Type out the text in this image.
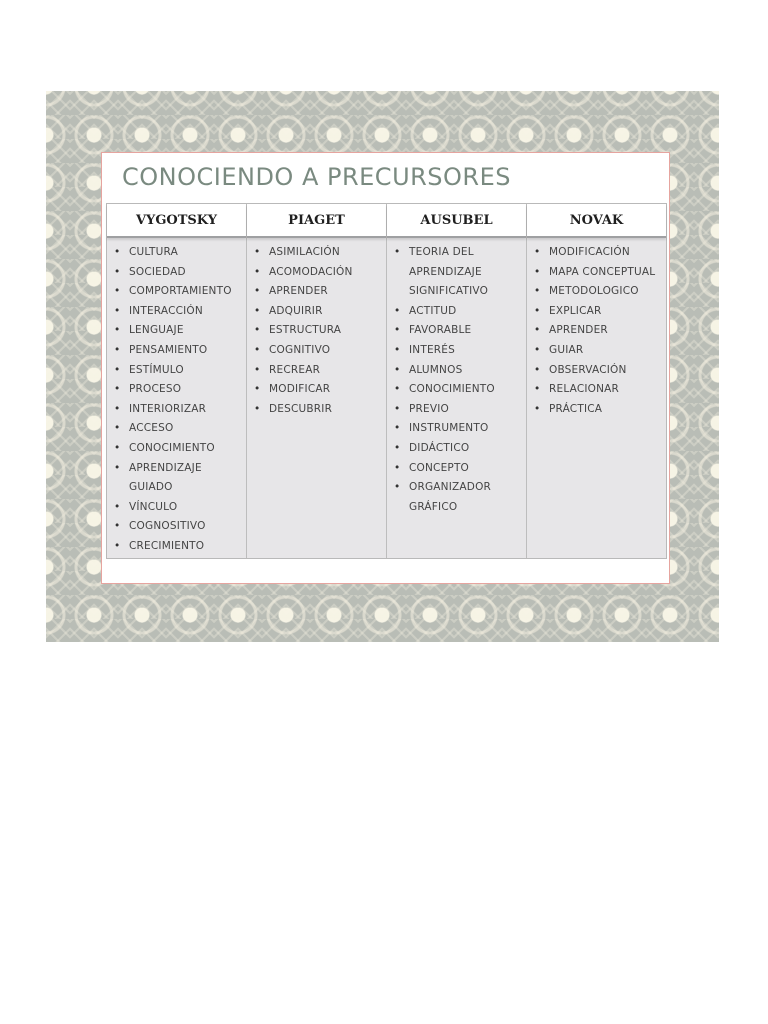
CONOCIENDO A PRECURSORES
VYGOTSKY
• CULTURA
• SOCIEDAD
• COMPORTAMIENTO
• INTERACCIÓN
• LENGUAJE
• PENSAMIENTO
• ESTÍMULO
• PROCESO
• INTERIORIZAR
• ACCESO
• CONOCIMIENTO
• APRENDIZAJE GUIADO
• VÍNCULO
• COGNOSITIVO
• CRECIMIENTO
PIAGET
• ASIMILACIÓN
• ACOMODACIÓN
• APRENDER
• ADQUIRIR
• ESTRUCTURA
• COGNITIVO
• RECREAR
• MODIFICAR
• DESCUBRIR
AUSUBEL
• TEORIA DEL APRENDIZAJE SIGNIFICATIVO
• ACTITUD
• FAVORABLE
• INTERÉS
• ALUMNOS
• CONOCIMIENTO
• PREVIO
• INSTRUMENTO
• DIDÁCTICO
• CONCEPTO
• ORGANIZADOR GRÁFICO
NOVAK
• MODIFICACIÓN
• MAPA CONCEPTUAL
• METODOLOGICO
• EXPLICAR
• APRENDER
• GUIAR
• OBSERVACIÓN
• RELACIONAR
• PRÁCTICA
